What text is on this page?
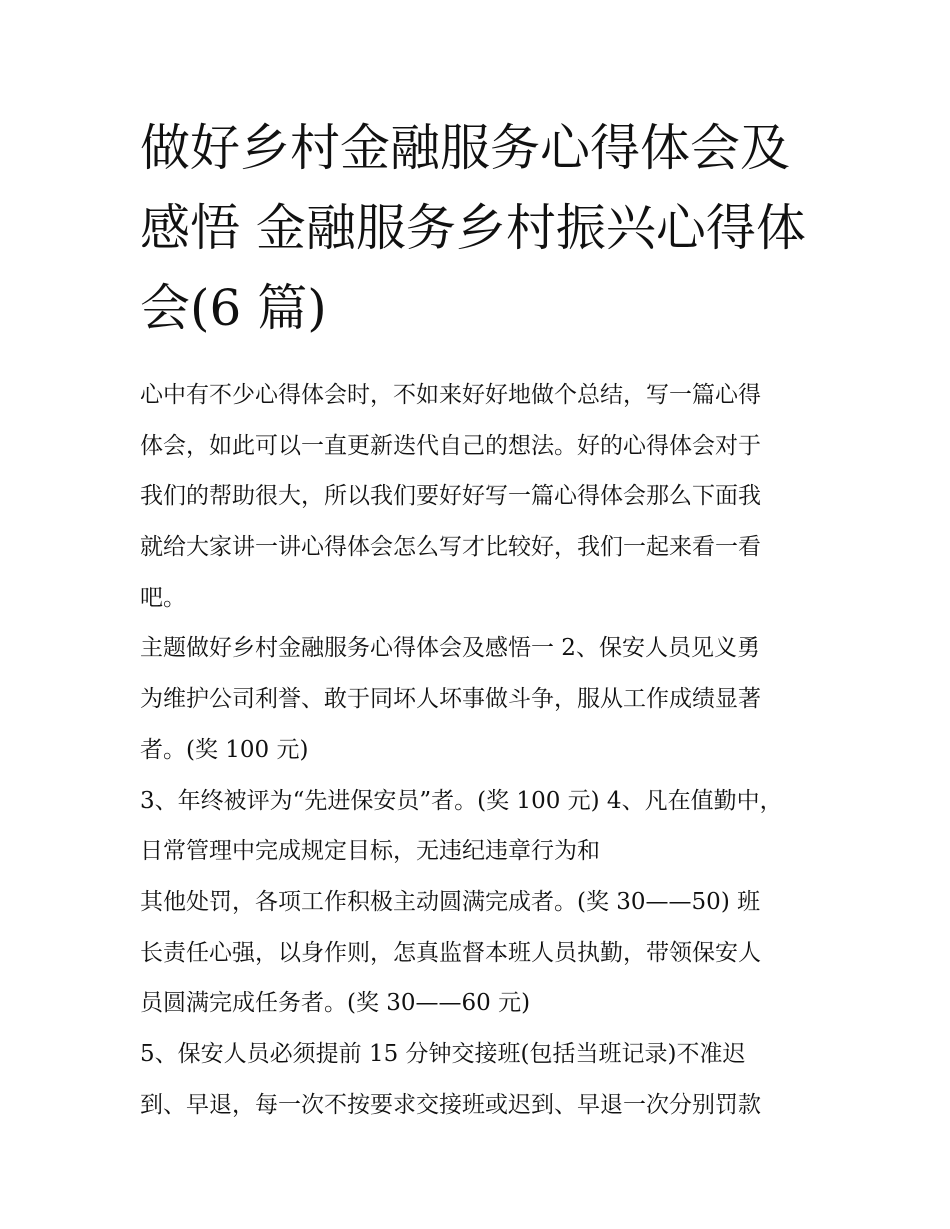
做好乡村金融服务心得体会及
感悟 金融服务乡村振兴心得体
会(6 篇)
心中有不少心得体会时，不如来好好地做个总结，写一篇心得
体会，如此可以一直更新迭代自己的想法。好的心得体会对于
我们的帮助很大，所以我们要好好写一篇心得体会那么下面我
就给大家讲一讲心得体会怎么写才比较好，我们一起来看一看
吧。
主题做好乡村金融服务心得体会及感悟一 2、保安人员见义勇
为维护公司利誉、敢于同坏人坏事做斗争，服从工作成绩显著
者。(奖 100 元)
3、年终被评为“先进保安员”者。(奖 100 元) 4、凡在值勤中，
日常管理中完成规定目标，无违纪违章行为和
其他处罚，各项工作积极主动圆满完成者。(奖 30——50) 班
长责任心强，以身作则，怎真监督本班人员执勤，带领保安人
员圆满完成任务者。(奖 30——60 元)
5、保安人员必须提前 15 分钟交接班(包括当班记录)不准迟
到、早退，每一次不按要求交接班或迟到、早退一次分别罚款
